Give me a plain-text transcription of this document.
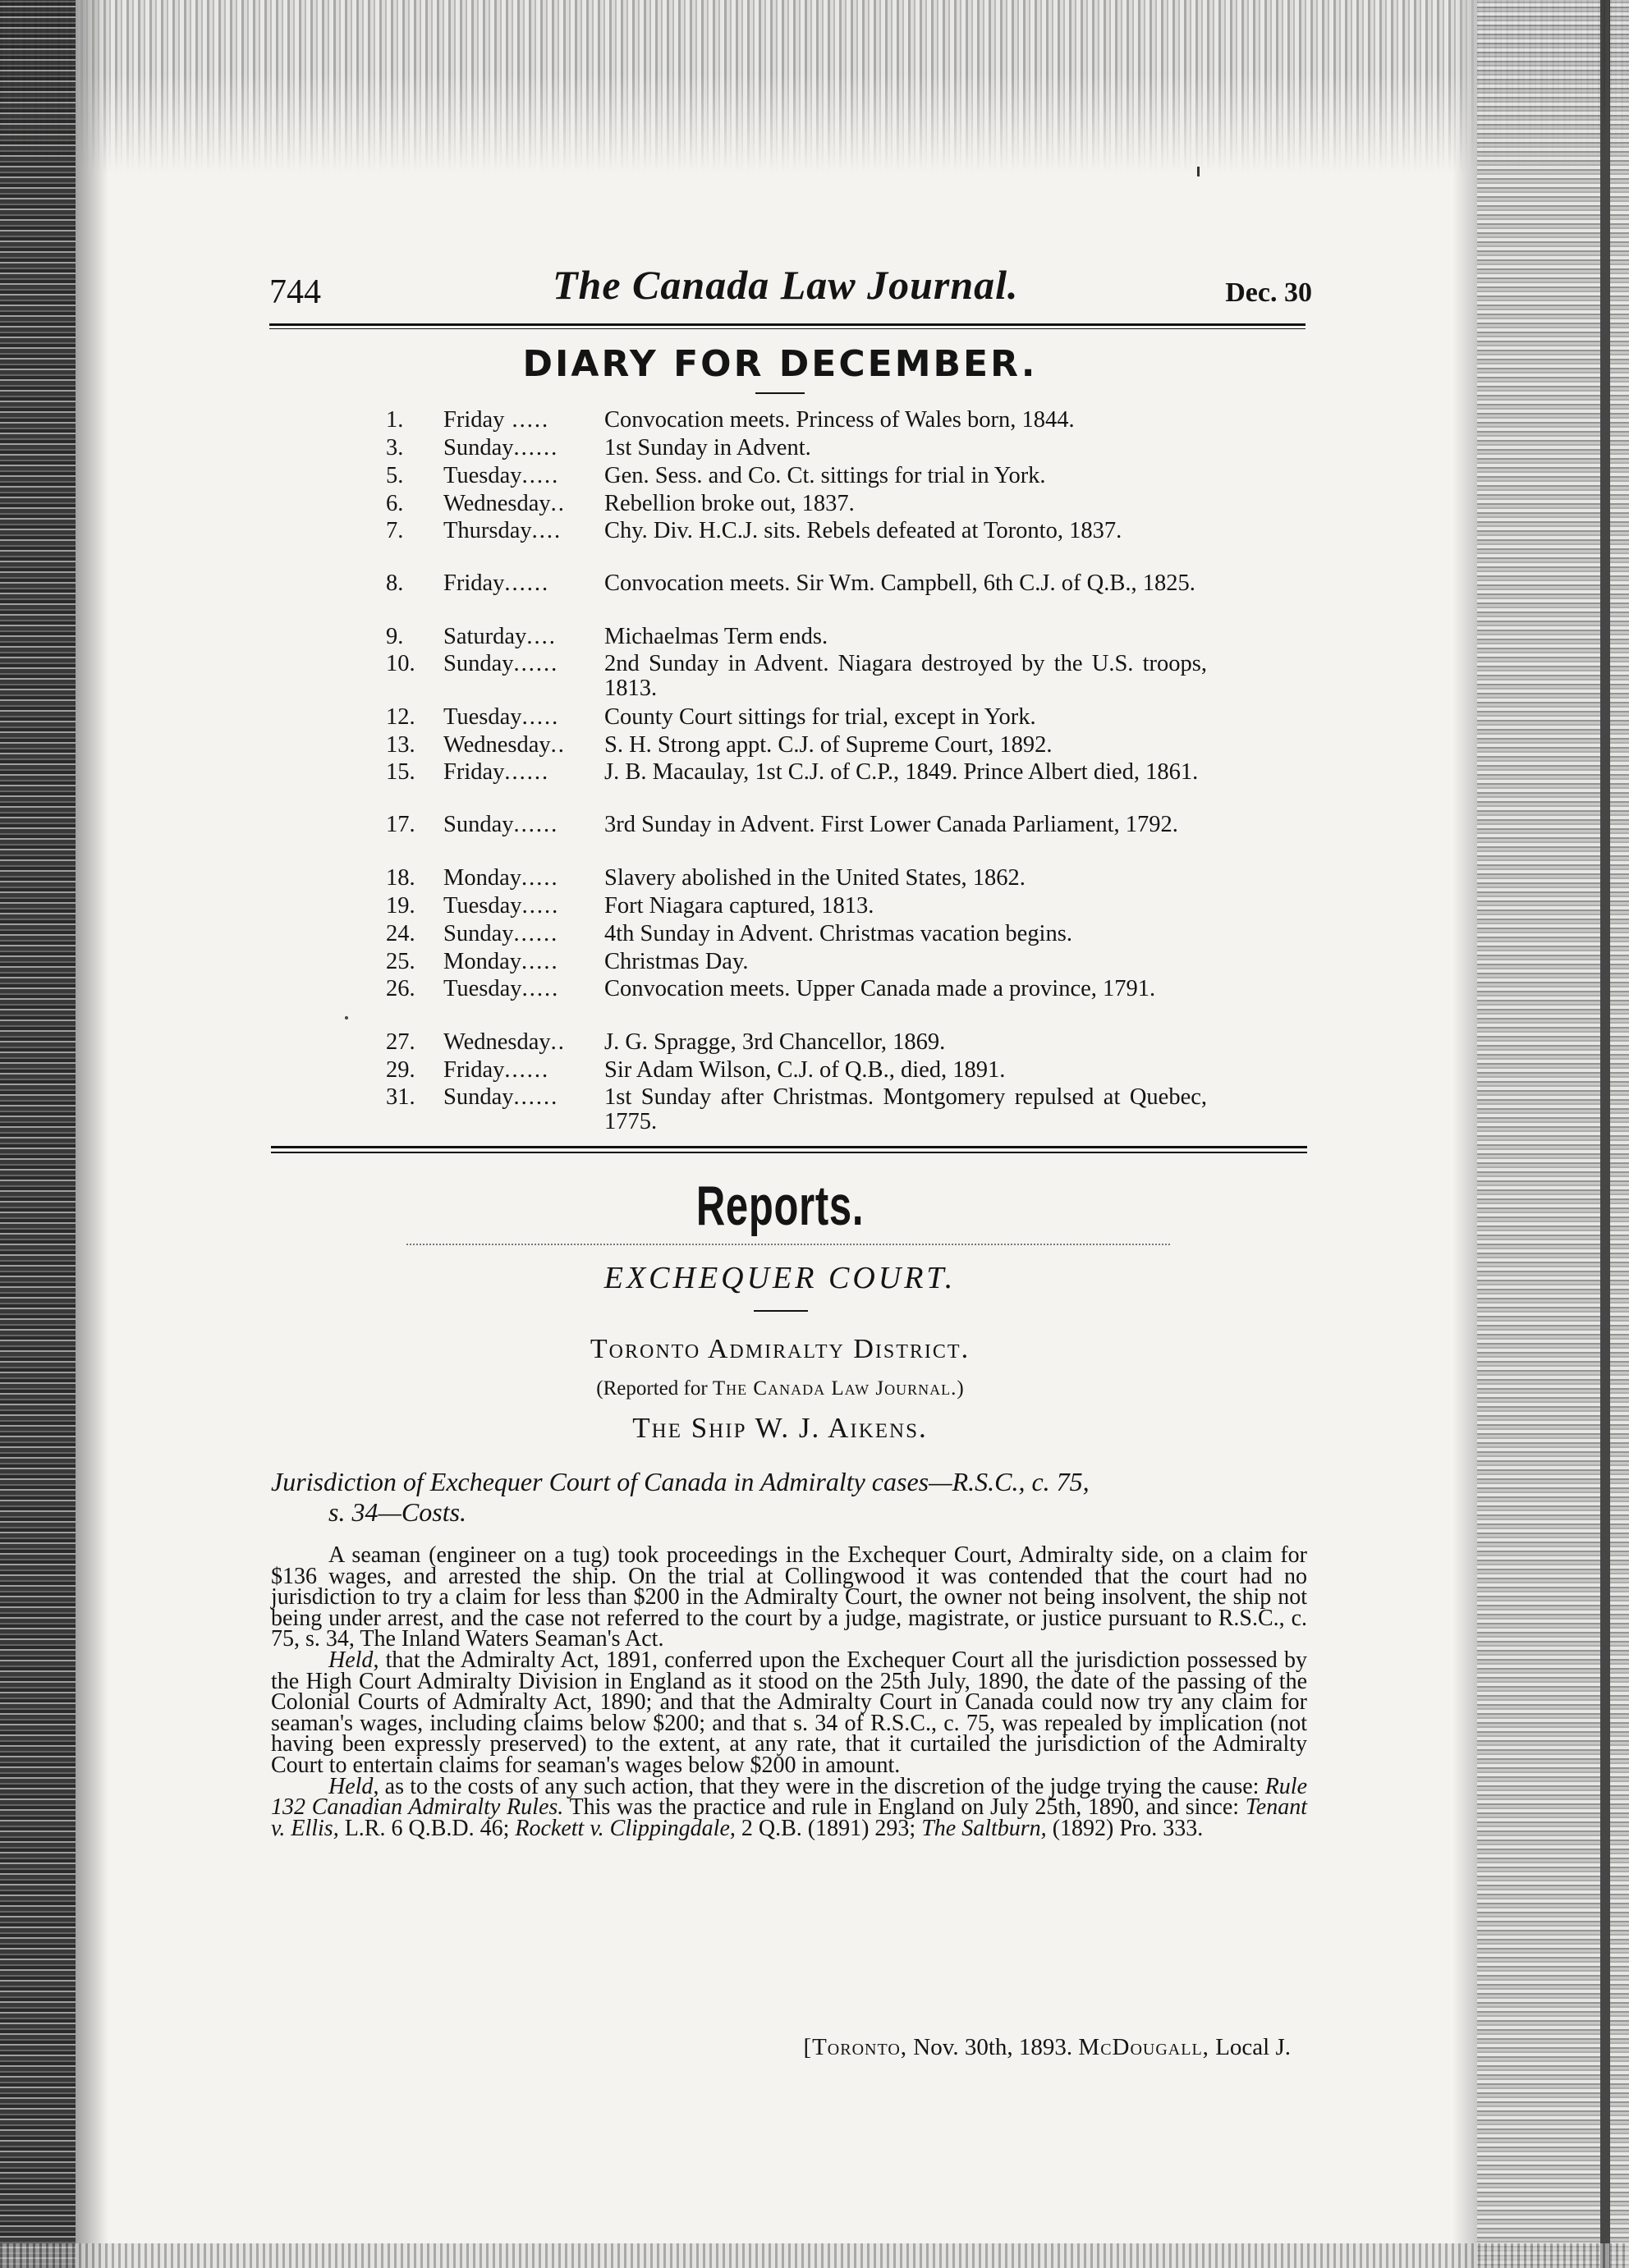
744	The Canada Law Journal.	Dec. 30
DIARY FOR DECEMBER.
1.	Friday .....	Convocation meets. Princess of Wales born, 1844.
3.	Sunday......	1st Sunday in Advent.
5.	Tuesday.....	Gen. Sess. and Co. Ct. sittings for trial in York.
6.	Wednesday..	Rebellion broke out, 1837.
7.	Thursday....	Chy. Div. H.C.J. sits. Rebels defeated at Toronto, 1837.
8.	Friday......	Convocation meets. Sir Wm. Campbell, 6th C.J. of Q.B., 1825.
9.	Saturday....	Michaelmas Term ends.
10.	Sunday......	2nd Sunday in Advent. Niagara destroyed by the U.S. troops, 1813.
12.	Tuesday.....	County Court sittings for trial, except in York.
13.	Wednesday..	S. H. Strong appt. C.J. of Supreme Court, 1892.
15.	Friday......	J. B. Macaulay, 1st C.J. of C.P., 1849. Prince Albert died, 1861.
17.	Sunday......	3rd Sunday in Advent. First Lower Canada Parliament, 1792.
18.	Monday.....	Slavery abolished in the United States, 1862.
19.	Tuesday.....	Fort Niagara captured, 1813.
24.	Sunday......	4th Sunday in Advent. Christmas vacation begins.
25.	Monday.....	Christmas Day.
26.	Tuesday.....	Convocation meets. Upper Canada made a province, 1791.
27.	Wednesday..	J. G. Spragge, 3rd Chancellor, 1869.
29.	Friday......	Sir Adam Wilson, C.J. of Q.B., died, 1891.
31.	Sunday......	1st Sunday after Christmas. Montgomery repulsed at Quebec, 1775.
Reports.
EXCHEQUER COURT.
Toronto Admiralty District.
(Reported for The Canada Law Journal.)
The Ship W. J. Aikens.
Jurisdiction of Exchequer Court of Canada in Admiralty cases—R.S.C., c. 75,
s. 34—Costs.

A seaman (engineer on a tug) took proceedings in the Exchequer Court, Admiralty side, on a claim for $136 wages, and arrested the ship. On the trial at Collingwood it was contended that the court had no jurisdiction to try a claim for less than $200 in the Admiralty Court, the owner not being insolvent, the ship not being under arrest, and the case not referred to the court by a judge, magistrate, or justice pursuant to R.S.C., c. 75, s. 34, The Inland Waters Seaman's Act.

Held, that the Admiralty Act, 1891, conferred upon the Exchequer Court all the jurisdiction possessed by the High Court Admiralty Division in England as it stood on the 25th July, 1890, the date of the passing of the Colonial Courts of Admiralty Act, 1890; and that the Admiralty Court in Canada could now try any claim for seaman's wages, including claims below $200; and that s. 34 of R.S.C., c. 75, was repealed by implication (not having been expressly preserved) to the extent, at any rate, that it curtailed the jurisdiction of the Admiralty Court to entertain claims for seaman's wages below $200 in amount.

Held, as to the costs of any such action, that they were in the discretion of the judge trying the cause: Rule 132 Canadian Admiralty Rules. This was the practice and rule in England on July 25th, 1890, and since: Tenant v. Ellis, L.R. 6 Q.B.D. 46; Rockett v. Clippingdale, 2 Q.B. (1891) 293; The Saltburn, (1892) Pro. 333.

[Toronto, Nov. 30th, 1893. McDougall, Local J.
